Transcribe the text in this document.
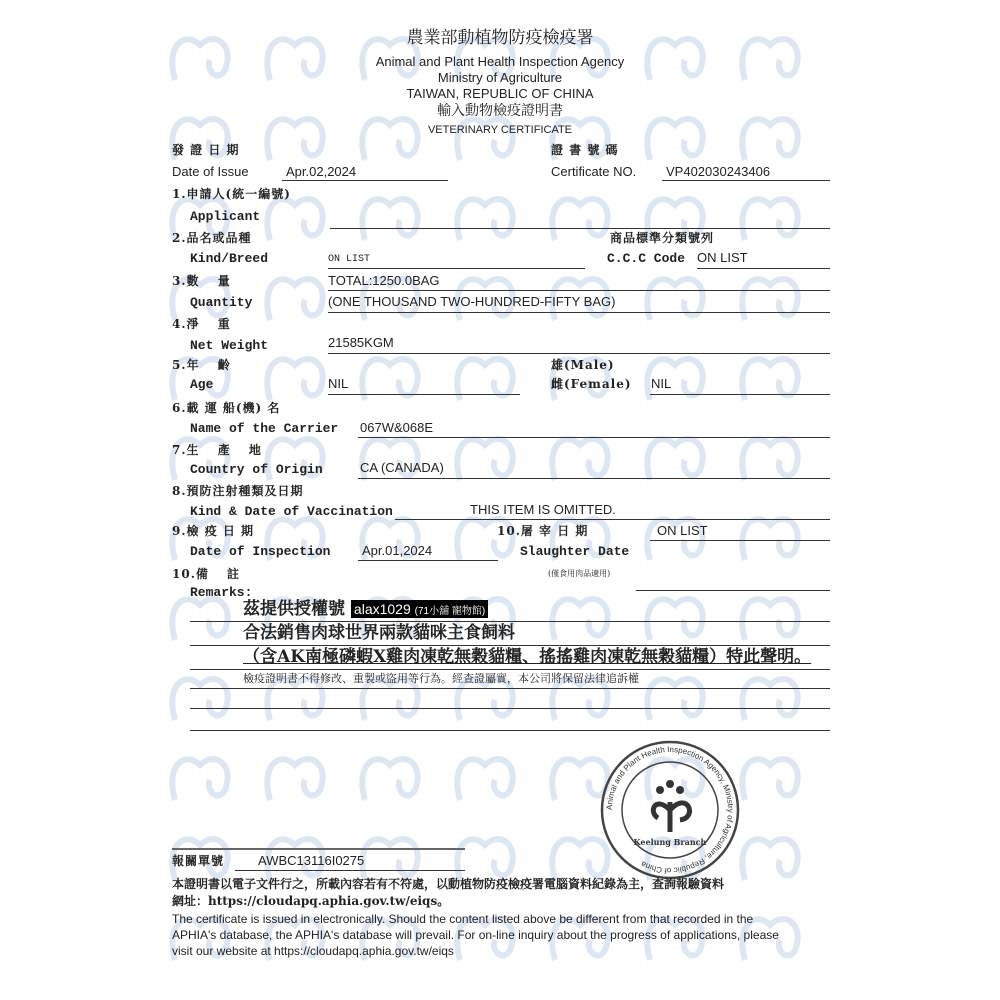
農業部動植物防疫檢疫署
Animal and Plant Health Inspection Agency
Ministry of Agriculture
TAIWAN, REPUBLIC OF CHINA
輸入動物檢疫證明書
VETERINARY CERTIFICATE
發 證 日 期
Date of Issue	Apr.02,2024
證 書 號 碼
Certificate NO. VP402030243406
1.申請人(統一編號)
Applicant
2.品名或品種
Kind/Breed	ON LIST
商品標準分類號列
C.C.C Code ON LIST
3.數　 量	TOTAL:1250.0BAG
Quantity	(ONE THOUSAND TWO-HUNDRED-FIFTY BAG)
4.淨　 重
Net Weight	21585KGM
5.年　 齡
Age	NIL
雄(Male)
雌(Female) NIL
6.載 運 船(機) 名
Name of the Carrier 067W&068E
7.生　 產　 地
Country of Origin	CA (CANADA)
8.預防注射種類及日期
Kind & Date of Vaccination	THIS ITEM IS OMITTED.
9.檢 疫 日 期
Date of Inspection Apr.01,2024
10.屠 宰 日 期
Slaughter Date
ON LIST
(僅食用肉品適用)
10.備　 註
Remarks:
茲提供授權號 alax1029 (71小舖 寵物館)
合法銷售肉球世界兩款貓咪主食飼料
（含AK南極磷蝦X雞肉凍乾無穀貓糧、搖搖雞肉凍乾無穀貓糧）特此聲明。
檢疫證明書不得修改、重製或盜用等行為。經查證屬實，本公司將保留法律追訴權
Animal and Plant Health Inspection Agency, Ministry of Agriculture, Republic of China
Keelung Branch
報關單號	AWBC13116I0275
本證明書以電子文件行之，所載內容若有不符處，以動植物防疫檢疫署電腦資料紀錄為主，查詢報驗資料
網址：https://cloudapq.aphia.gov.tw/eiqs。
The certificate is issued in electronically. Should the content listed above be different from that recorded in the
APHIA's database, the APHIA's database will prevail. For on-line inquiry about the progress of applications, please
visit our website at https://cloudapq.aphia.gov.tw/eiqs
